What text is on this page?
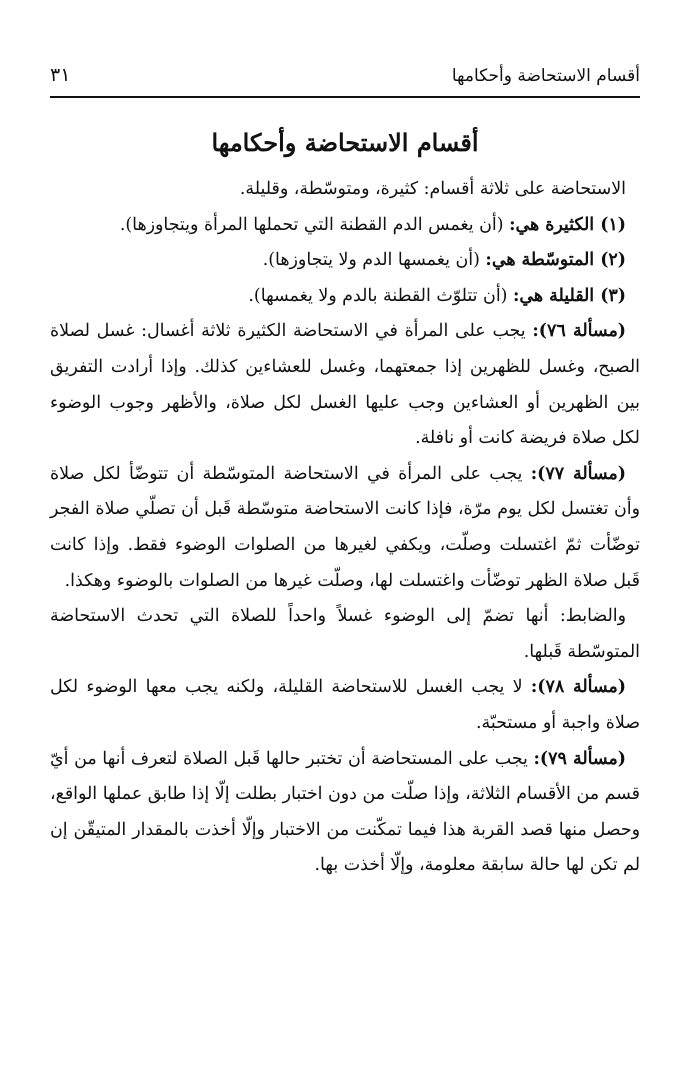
أقسام الاستحاضة وأحكامها
٣١
أقسام الاستحاضة وأحكامها

الاستحاضة على ثلاثة أقسام: كثيرة، ومتوسّطة، وقليلة.

(١) الكثيرة هي: (أن يغمس الدم القطنة التي تحملها المرأة ويتجاوزها).

(٢) المتوسّطة هي: (أن يغمسها الدم ولا يتجاوزها).

(٣) القليلة هي: (أن تتلوّث القطنة بالدم ولا يغمسها).

(مسألة ٧٦): يجب على المرأة في الاستحاضة الكثيرة ثلاثة أغسال: غسل لصلاة الصبح، وغسل للظهرين إذا جمعتهما، وغسل للعشاءين كذلك. وإذا أرادت التفريق بين الظهرين أو العشاءين وجب عليها الغسل لكل صلاة، والأظهر وجوب الوضوء لكل صلاة فريضة كانت أو نافلة.

(مسألة ٧٧): يجب على المرأة في الاستحاضة المتوسّطة أن تتوضّأ لكل صلاة وأن تغتسل لكل يوم مرّة، فإذا كانت الاستحاضة متوسّطة قَبل أن تصلّي صلاة الفجر توضّأت ثمّ اغتسلت وصلّت، ويكفي لغيرها من الصلوات الوضوء فقط. وإذا كانت قَبل صلاة الظهر توضّأت واغتسلت لها، وصلّت غيرها من الصلوات بالوضوء وهكذا.

والضابط: أنها تضمّ إلى الوضوء غسلاً واحداً للصلاة التي تحدث الاستحاضة المتوسّطة قَبلها.

(مسألة ٧٨): لا يجب الغسل للاستحاضة القليلة، ولكنه يجب معها الوضوء لكل صلاة واجبة أو مستحبّة.

(مسألة ٧٩): يجب على المستحاضة أن تختبر حالها قَبل الصلاة لتعرف أنها من أيّ قسم من الأقسام الثلاثة، وإذا صلّت من دون اختبار بطلت إلّا إذا طابق عملها الواقع، وحصل منها قصد القربة هذا فيما تمكّنت من الاختبار وإلّا أخذت بالمقدار المتيقّن إن لم تكن لها حالة سابقة معلومة، وإلّا أخذت بها.
